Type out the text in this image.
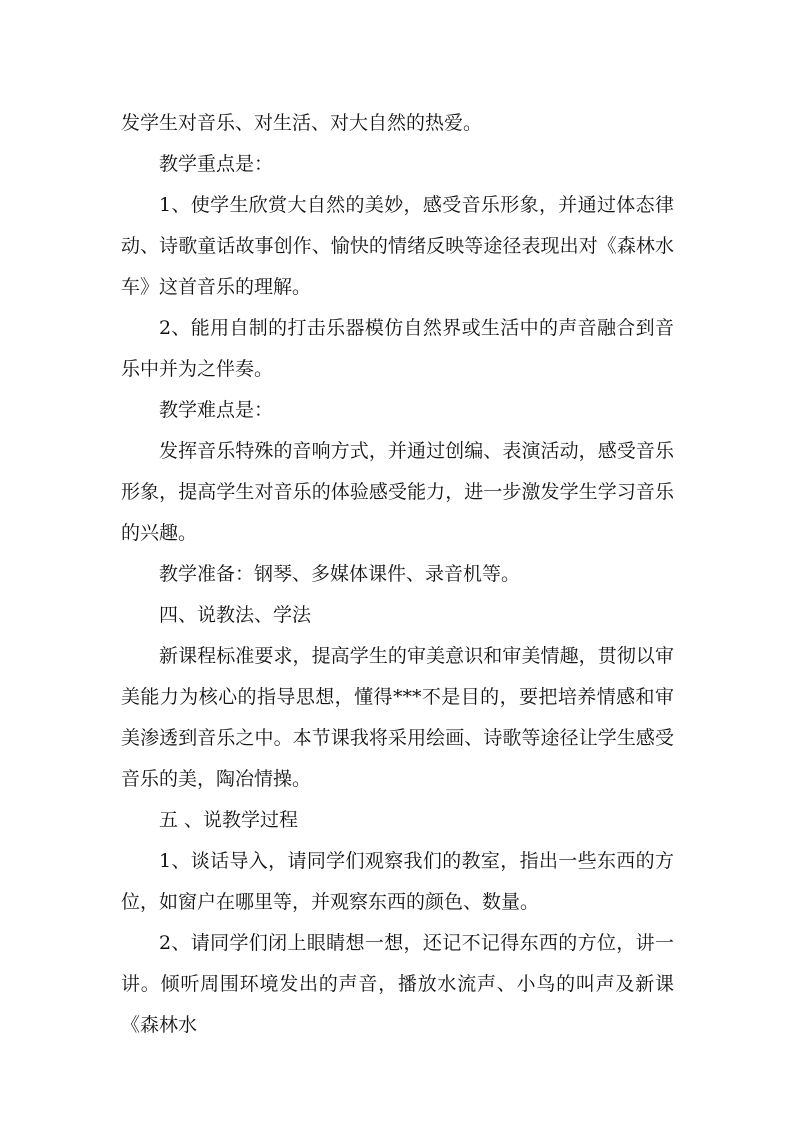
发学生对音乐、对生活、对大自然的热爱。

教学重点是：

1、使学生欣赏大自然的美妙，感受音乐形象，并通过体态律动、诗歌童话故事创作、愉快的情绪反映等途径表现出对《森林水车》这首音乐的理解。

2、能用自制的打击乐器模仿自然界或生活中的声音融合到音乐中并为之伴奏。

教学难点是：

发挥音乐特殊的音响方式，并通过创编、表演活动，感受音乐形象，提高学生对音乐的体验感受能力，进一步激发学生学习音乐的兴趣。

教学准备：钢琴、多媒体课件、录音机等。

四、说教法、学法

新课程标准要求，提高学生的审美意识和审美情趣，贯彻以审美能力为核心的指导思想，懂得***不是目的，要把培养情感和审美渗透到音乐之中。本节课我将采用绘画、诗歌等途径让学生感受音乐的美，陶冶情操。

五 、说教学过程

1、谈话导入，请同学们观察我们的教室，指出一些东西的方位，如窗户在哪里等，并观察东西的颜色、数量。

2、请同学们闭上眼睛想一想，还记不记得东西的方位，讲一讲。倾听周围环境发出的声音，播放水流声、小鸟的叫声及新课《森林水
